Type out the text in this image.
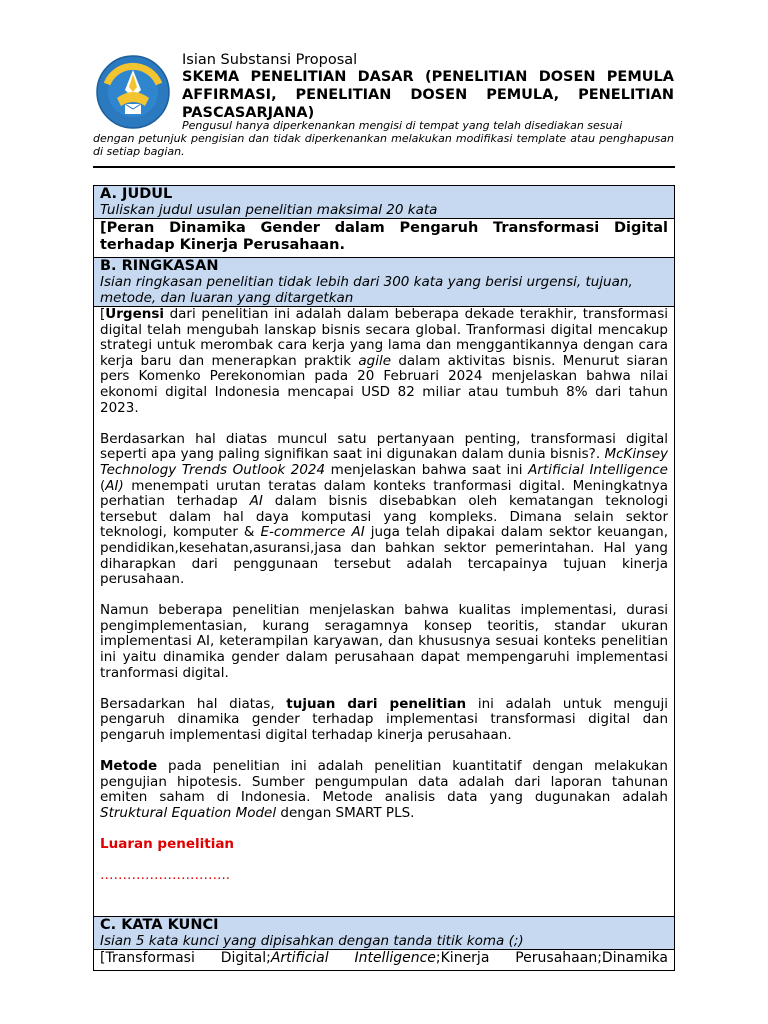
Isian Substansi Proposal
SKEMA PENELITIAN DASAR (PENELITIAN DOSEN PEMULA AFFIRMASI, PENELITIAN DOSEN PEMULA, PENELITIAN PASCASARJANA)
Pengusul hanya diperkenankan mengisi di tempat yang telah disediakan sesuai
dengan petunjuk pengisian dan tidak diperkenankan melakukan modifikasi template atau penghapusan di setiap bagian.
A. JUDUL
Tuliskan judul usulan penelitian maksimal 20 kata

[Peran Dinamika Gender dalam Pengaruh Transformasi Digital terhadap Kinerja Perusahaan.

B. RINGKASAN
Isian ringkasan penelitian tidak lebih dari 300 kata yang berisi urgensi, tujuan, metode, dan luaran yang ditargetkan

[Urgensi dari penelitian ini adalah dalam beberapa dekade terakhir, transformasi digital telah mengubah lanskap bisnis secara global. Tranformasi digital mencakup strategi untuk merombak cara kerja yang lama dan menggantikannya dengan cara kerja baru dan menerapkan praktik agile dalam aktivitas bisnis. Menurut siaran pers Komenko Perekonomian pada 20 Februari 2024 menjelaskan bahwa nilai ekonomi digital Indonesia mencapai USD 82 miliar atau tumbuh 8% dari tahun 2023.

Berdasarkan hal diatas muncul satu pertanyaan penting, transformasi digital seperti apa yang paling signifikan saat ini digunakan dalam dunia bisnis?. McKinsey Technology Trends Outlook 2024 menjelaskan bahwa saat ini Artificial Intelligence (AI) menempati urutan teratas dalam konteks tranformasi digital. Meningkatnya perhatian terhadap AI dalam bisnis disebabkan oleh kematangan teknologi tersebut dalam hal daya komputasi yang kompleks. Dimana selain sektor teknologi, komputer & E-commerce AI juga telah dipakai dalam sektor keuangan, pendidikan,kesehatan,asuransi,jasa dan bahkan sektor pemerintahan. Hal yang diharapkan dari penggunaan tersebut adalah tercapainya tujuan kinerja perusahaan.

Namun beberapa penelitian menjelaskan bahwa kualitas implementasi, durasi pengimplementasian, kurang seragamnya konsep teoritis, standar ukuran implementasi AI, keterampilan karyawan, dan khususnya sesuai konteks penelitian ini yaitu dinamika gender dalam perusahaan dapat mempengaruhi implementasi tranformasi digital.

Bersadarkan hal diatas, tujuan dari penelitian ini adalah untuk menguji pengaruh dinamika gender terhadap implementasi transformasi digital dan pengaruh implementasi digital terhadap kinerja perusahaan.

Metode pada penelitian ini adalah penelitian kuantitatif dengan melakukan pengujian hipotesis. Sumber pengumpulan data adalah dari laporan tahunan emiten saham di Indonesia. Metode analisis data yang dugunakan adalah Struktural Equation Model dengan SMART PLS.

Luaran penelitian

………………………..

C. KATA KUNCI
Isian 5 kata kunci yang dipisahkan dengan tanda titik koma (;)

[Transformasi Digital;Artificial Intelligence;Kinerja Perusahaan;Dinamika
